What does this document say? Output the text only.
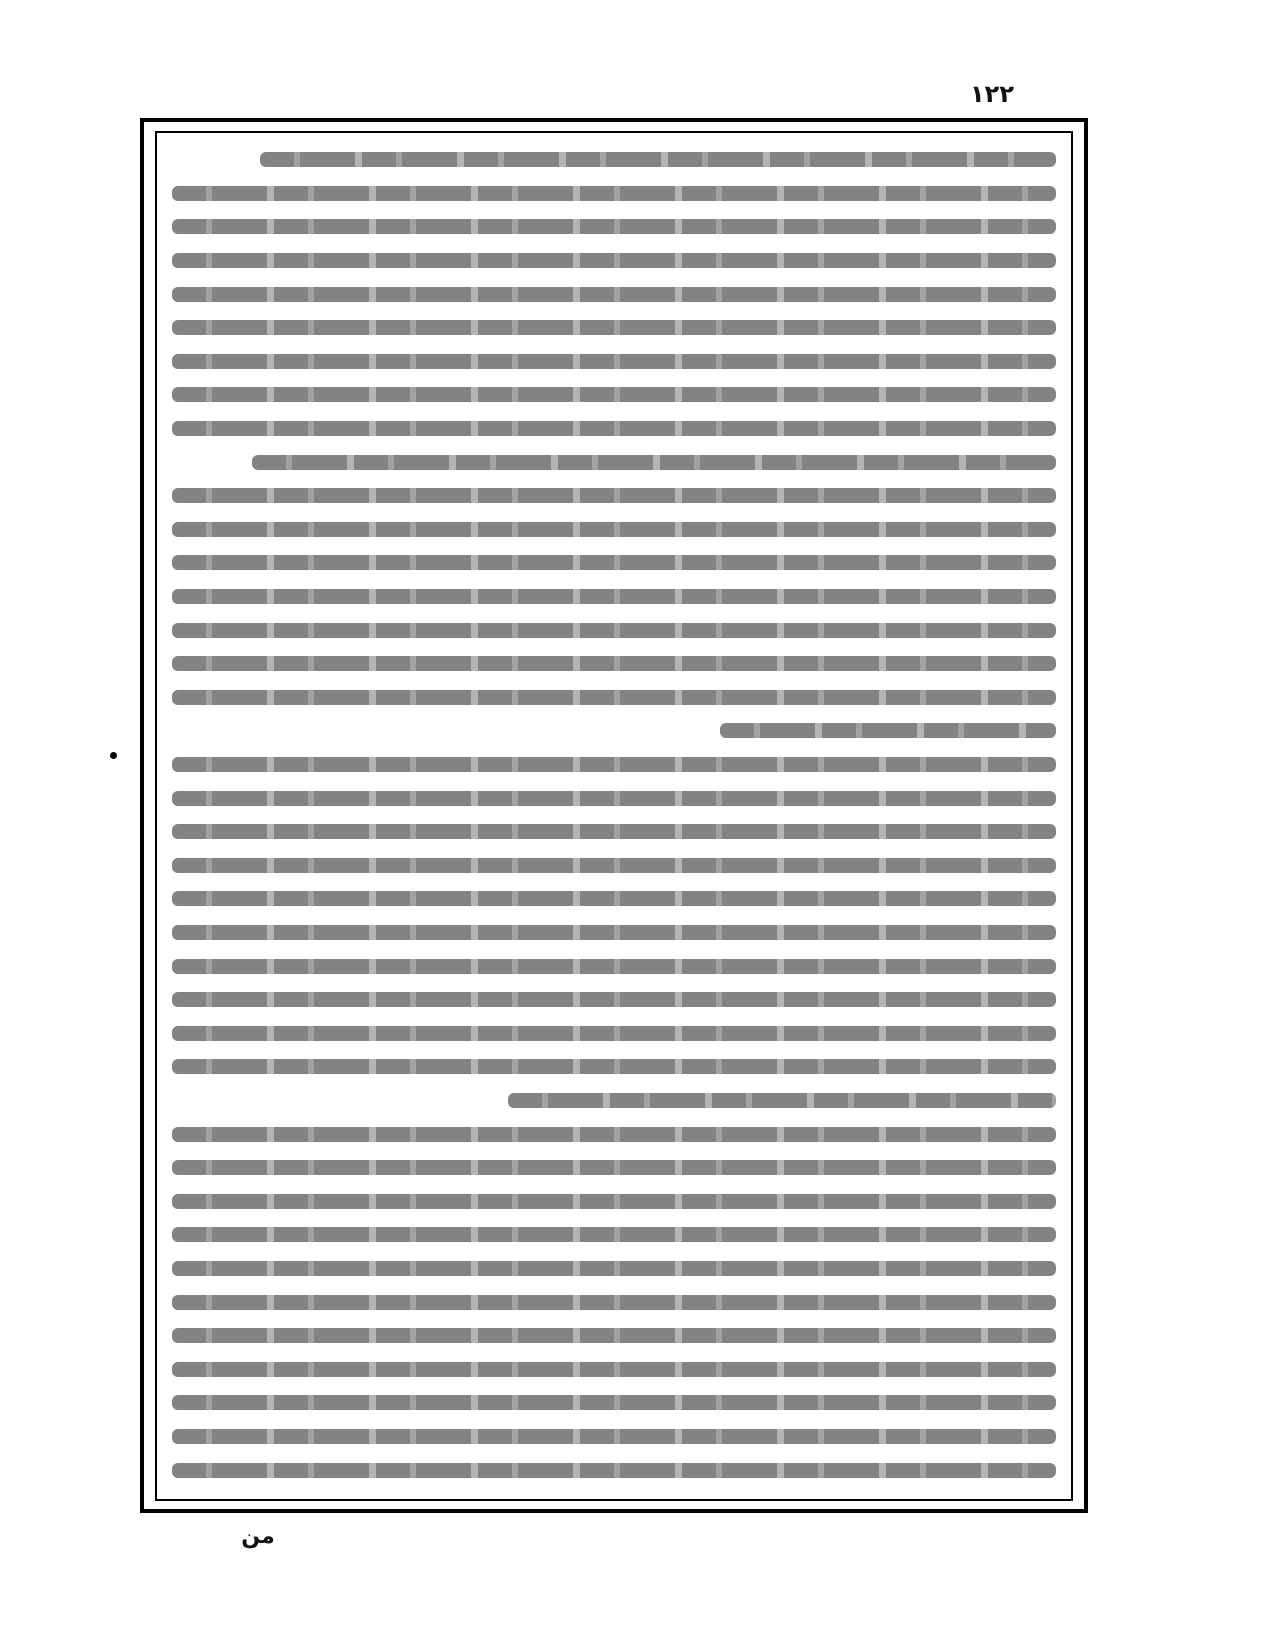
١٢٢
من
